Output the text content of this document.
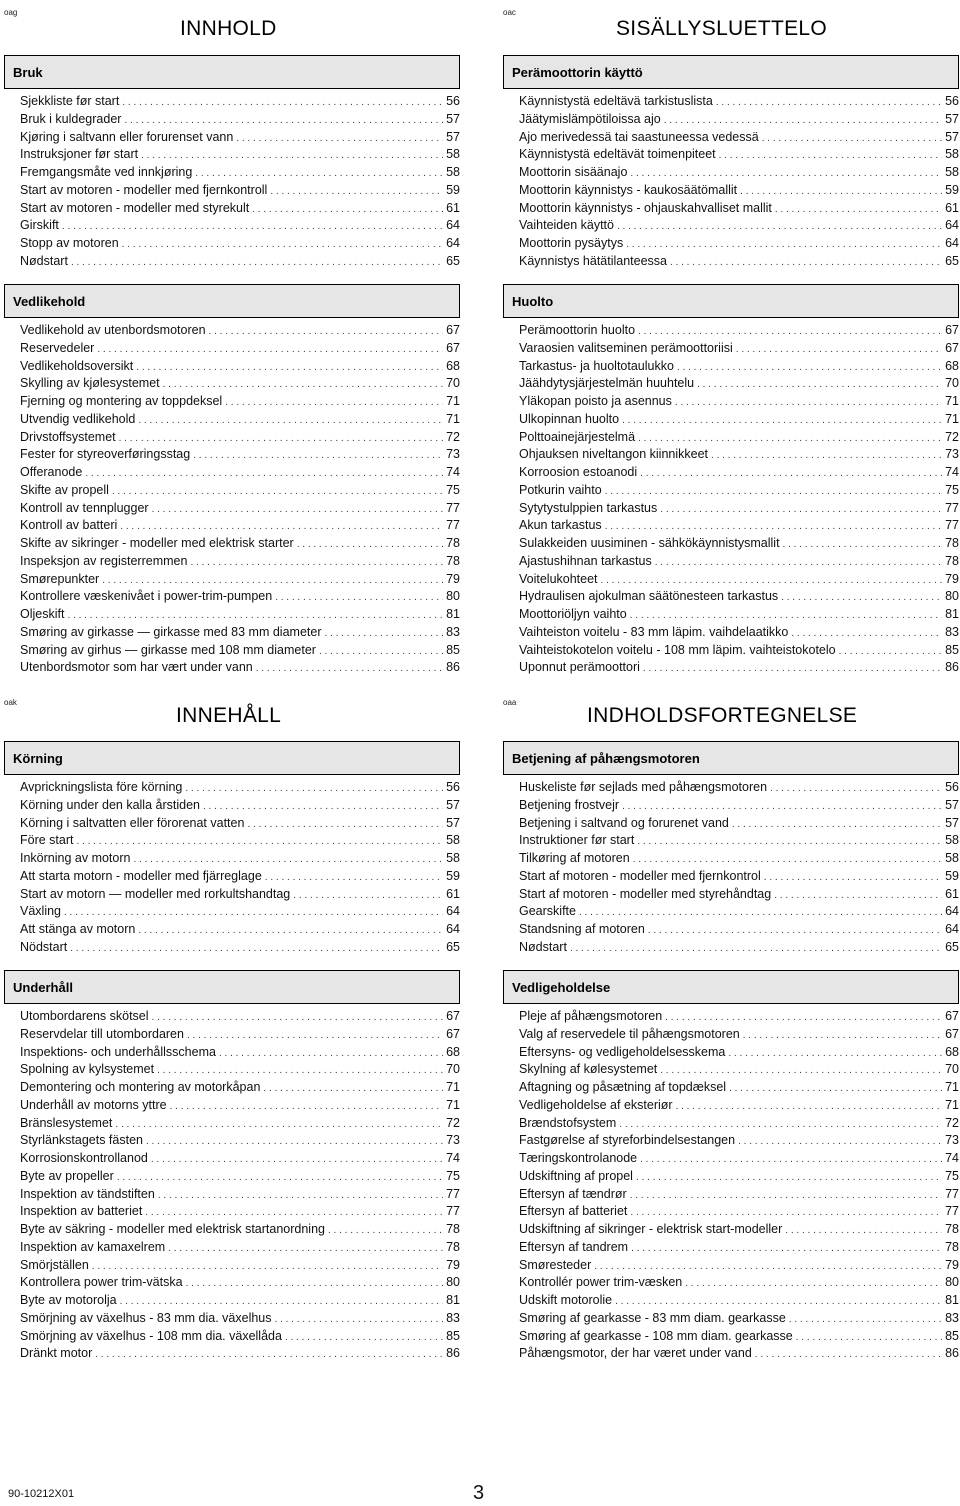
oag
INNHOLD
Bruk
Sjekkliste før start . . .	56
Bruk i kuldegrader . . .	57
Kjøring i saltvann eller forurenset vann . . .	57
Instruksjoner før start . . .	58
Fremgangsmåte ved innkjøring . . .	58
Start av motoren - modeller med fjernkontroll . . .	59
Start av motoren - modeller med styrekult . . .	61
Girskift . . .	64
Stopp av motoren . . .	64
Nødstart . . .	65
Vedlikehold
Vedlikehold av utenbordsmotoren . . .	67
Reservedeler . . .	67
Vedlikeholdsoversikt . . .	68
Skylling av kjølesystemet . . .	70
Fjerning og montering av toppdeksel . . .	71
Utvendig vedlikehold . . .	71
Drivstoffsystemet . . .	72
Fester for styreoverføringsstag . . .	73
Offeranode . . .	74
Skifte av propell . . .	75
Kontroll av tennplugger . . .	77
Kontroll av batteri . . .	77
Skifte av sikringer - modeller med elektrisk starter . . .	78
Inspeksjon av registerremmen . . .	78
Smørepunkter . . .	79
Kontrollere væskenivået i power-trim-pumpen . . .	80
Oljeskift . . .	81
Smøring av girkasse — girkasse med 83 mm diameter . . .	83
Smøring av girhus — girkasse med 108 mm diameter . . .	85
Utenbordsmotor som har vært under vann . . .	86
oac
SISÄLLYSLUETTELO
Perämoottorin käyttö
Käynnistystä edeltävä tarkistuslista . . .	56
Jäätymislämpötiloissa ajo . . .	57
Ajo merivedessä tai saastuneessa vedessä . . .	57
Käynnistystä edeltävät toimenpiteet . . .	58
Moottorin sisäänajo . . .	58
Moottorin käynnistys - kaukosäätömallit . . .	59
Moottorin käynnistys - ohjauskahvalliset mallit . . .	61
Vaihteiden käyttö . . .	64
Moottorin pysäytys . . .	64
Käynnistys hätätilanteessa . . .	65
Huolto
Perämoottorin huolto . . .	67
Varaosien valitseminen perämoottoriisi . . .	67
Tarkastus- ja huoltotaulukko . . .	68
Jäähdytysjärjestelmän huuhtelu . . .	70
Yläkopan poisto ja asennus . . .	71
Ulkopinnan huolto . . .	71
Polttoainejärjestelmä . . .	72
Ohjauksen niveltangon kiinnikkeet . . .	73
Korroosion estoanodi . . .	74
Potkurin vaihto . . .	75
Sytytystulppien tarkastus . . .	77
Akun tarkastus . . .	77
Sulakkeiden uusiminen - sähkökäynnistysmallit . . .	78
Ajastushihnan tarkastus . . .	78
Voitelukohteet . . .	79
Hydraulisen ajokulman säätönesteen tarkastus . . .	80
Moottoriöljyn vaihto . . .	81
Vaihteiston voitelu - 83 mm läpim. vaihdelaatikko . . .	83
Vaihteistokotelon voitelu - 108 mm läpim. vaihteistokotelo . . .	85
Uponnut perämoottori . . .	86
oak
INNEHÅLL
Körning
Avprickningslista före körning . . .	56
Körning under den kalla årstiden . . .	57
Körning i saltvatten eller förorenat vatten . . .	57
Före start . . .	58
Inkörning av motorn . . .	58
Att starta motorn - modeller med fjärreglage . . .	59
Start av motorn — modeller med rorkultshandtag . . .	61
Växling . . .	64
Att stänga av motorn . . .	64
Nödstart . . .	65
Underhåll
Utombordarens skötsel . . .	67
Reservdelar till utombordaren . . .	67
Inspektions- och underhållsschema . . .	68
Spolning av kylsystemet . . .	70
Demontering och montering av motorkåpan . . .	71
Underhåll av motorns yttre . . .	71
Bränslesystemet . . .	72
Styrlänkstagets fästen . . .	73
Korrosionskontrollanod . . .	74
Byte av propeller . . .	75
Inspektion av tändstiften . . .	77
Inspektion av batteriet . . .	77
Byte av säkring - modeller med elektrisk startanordning . . .	78
Inspektion av kamaxelrem . . .	78
Smörjställen . . .	79
Kontrollera power trim-vätska . . .	80
Byte av motorolja . . .	81
Smörjning av växelhus - 83 mm dia. växelhus . . .	83
Smörjning av växelhus - 108 mm dia. växellåda . . .	85
Dränkt motor . . .	86
oaa
INDHOLDSFORTEGNELSE
Betjening af påhængsmotoren
Huskeliste før sejlads med påhængsmotoren . . .	56
Betjening frostvejr . . .	57
Betjening i saltvand og forurenet vand . . .	57
Instruktioner før start . . .	58
Tilkøring af motoren . . .	58
Start af motoren - modeller med fjernkontrol . . .	59
Start af motoren - modeller med styrehåndtag . . .	61
Gearskifte . . .	64
Standsning af motoren . . .	64
Nødstart . . .	65
Vedligeholdelse
Pleje af påhængsmotoren . . .	67
Valg af reservedele til påhængsmotoren . . .	67
Eftersyns- og vedligeholdelsesskema . . .	68
Skylning af kølesystemet . . .	70
Aftagning og påsætning af topdæksel . . .	71
Vedligeholdelse af eksteriør . . .	71
Brændstofsystem . . .	72
Fastgørelse af styreforbindelsestangen . . .	73
Tæringskontrolanode . . .	74
Udskiftning af propel . . .	75
Eftersyn af tændrør . . .	77
Eftersyn af batteriet . . .	77
Udskiftning af sikringer - elektrisk start-modeller . . .	78
Eftersyn af tandrem . . .	78
Smøresteder . . .	79
Kontrollér power trim-væsken . . .	80
Udskift motorolie . . .	81
Smøring af gearkasse - 83 mm diam. gearkasse . . .	83
Smøring af gearkasse - 108 mm diam. gearkasse . . .	85
Påhængsmotor, der har været under vand . . .	86
90-10212X01	3
